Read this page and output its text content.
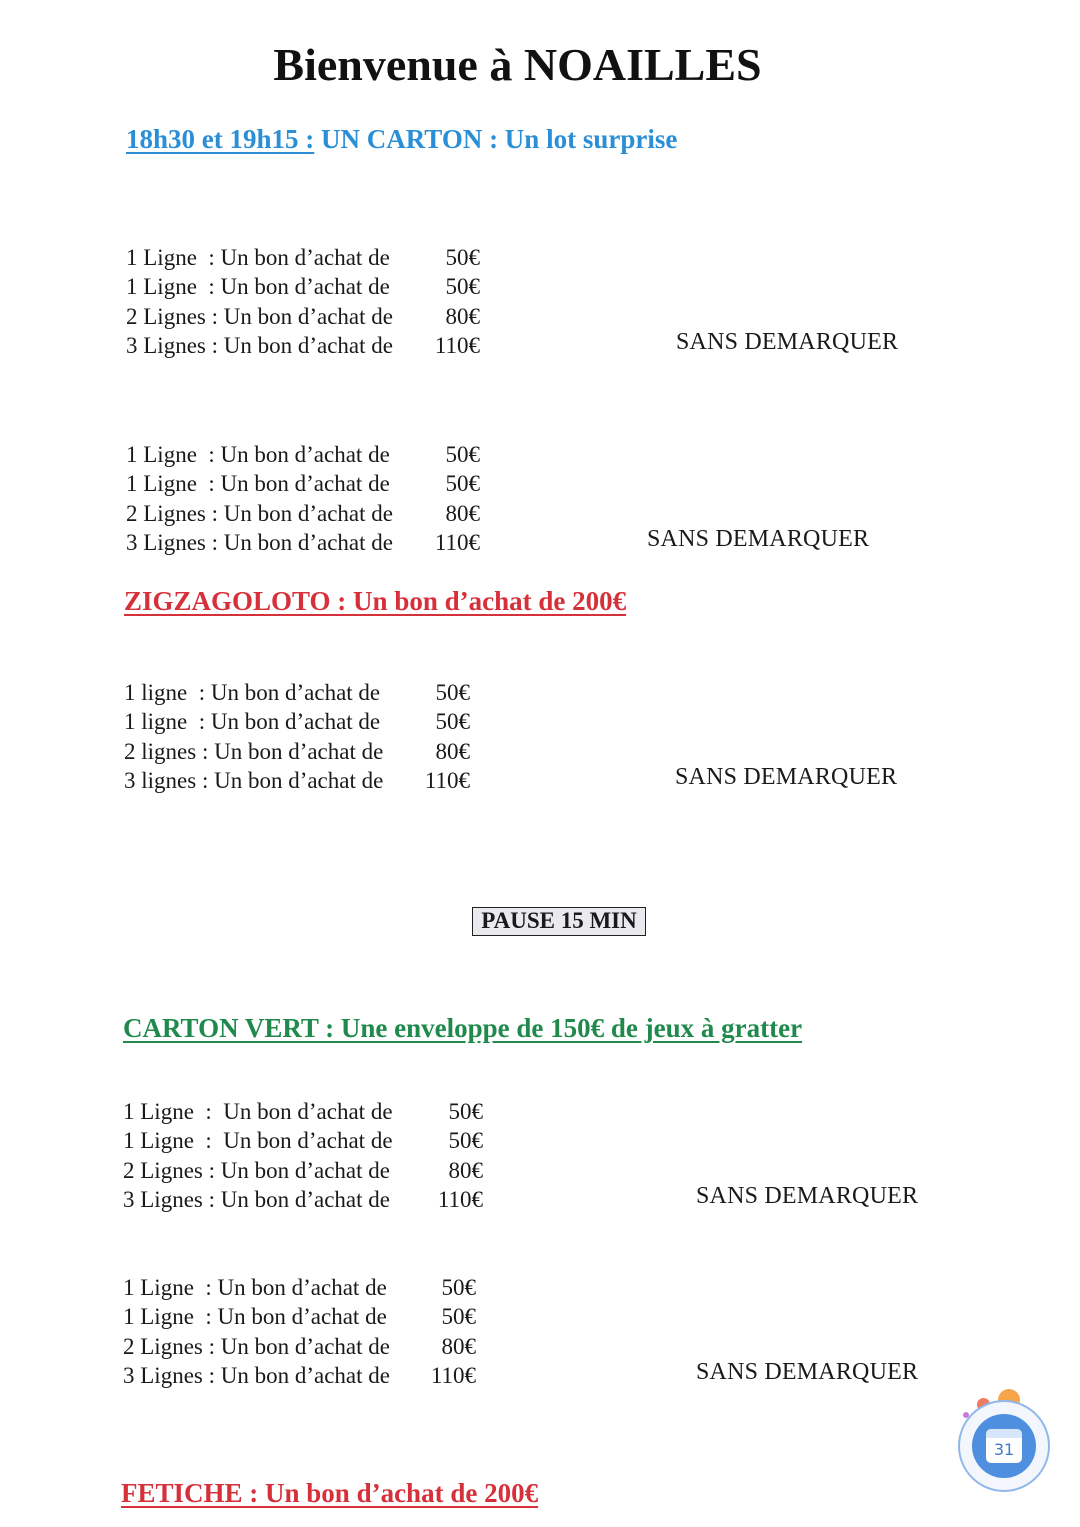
Bienvenue à NOAILLES
18h30 et 19h15 : UN CARTON : Un lot surprise
1 Ligne  : Un bon d’achat de 50€
1 Ligne  : Un bon d’achat de 50€
2 Lignes : Un bon d’achat de 80€
3 Lignes : Un bon d’achat de 110€	SANS DEMARQUER
1 Ligne  : Un bon d’achat de 50€
1 Ligne  : Un bon d’achat de 50€
2 Lignes : Un bon d’achat de 80€
3 Lignes : Un bon d’achat de 110€	SANS DEMARQUER
ZIGZAGOLOTO : Un bon d’achat de 200€
1 ligne  : Un bon d’achat de 50€
1 ligne  : Un bon d’achat de 50€
2 lignes : Un bon d’achat de 80€
3 lignes : Un bon d’achat de 110€	SANS DEMARQUER
PAUSE 15 MIN
CARTON VERT : Une enveloppe de 150€ de jeux à gratter
1 Ligne  :  Un bon d’achat de 50€
1 Ligne  :  Un bon d’achat de 50€
2 Lignes : Un bon d’achat de	80€
3 Lignes : Un bon d’achat de 110€	SANS DEMARQUER
1 Ligne  : Un bon d’achat de 50€
1 Ligne  : Un bon d’achat de 50€
2 Lignes : Un bon d’achat de 80€
3 Lignes : Un bon d’achat de 110€	SANS DEMARQUER
FETICHE : Un bon d’achat de 200€
31
